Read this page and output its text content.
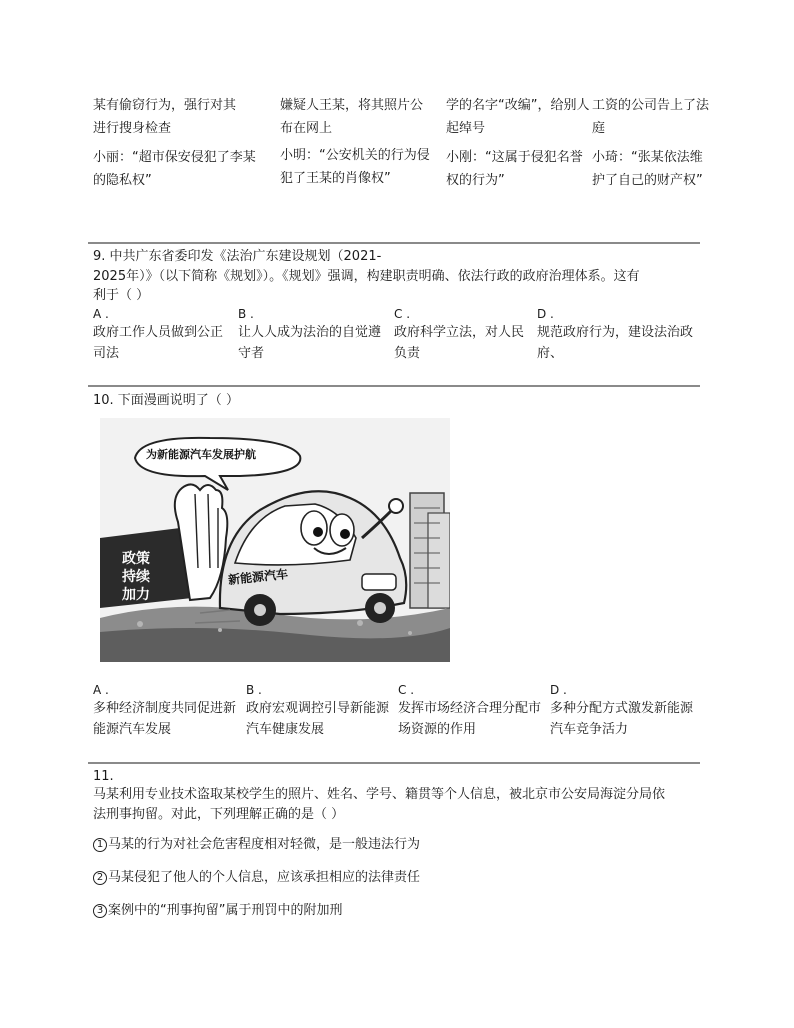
某有偷窃行为，强行对其进行搜身检查
嫌疑人王某，将其照片公布在网上
学的名字“改编”，给别人起绰号
工资的公司告上了法庭
小丽：“超市保安侵犯了李某的隐私权”
小明：“公安机关的行为侵犯了王某的肖像权”
小刚：“这属于侵犯名誉权的行为”
小琦：“张某依法维护了自己的财产权”
9. 中共广东省委印发《法治广东建设规划（2021-
2025年）》（以下简称《规划》）。《规划》强调，构建职责明确、依法行政的政府治理体系。这有
利于（ ）
A .
政府工作人员做到公正司法
B .
让人人成为法治的自觉遵守者
C .
政府科学立法，对人民负责
D .
规范政府行为，建设法治政府、
10. 下面漫画说明了（ ）
为新能源汽车发展护航
政策
持续
加力
新能源汽车
A .
多种经济制度共同促进新能源汽车发展
B .
政府宏观调控引导新能源汽车健康发展
C .
发挥市场经济合理分配市场资源的作用
D .
多种分配方式激发新能源汽车竞争活力
11.
马某利用专业技术盗取某校学生的照片、姓名、学号、籍贯等个人信息，被北京市公安局海淀分局依
法刑事拘留。对此，下列理解正确的是（ ）
1 马某的行为对社会危害程度相对轻微，是一般违法行为
2 马某侵犯了他人的个人信息，应该承担相应的法律责任
3 案例中的“刑事拘留”属于刑罚中的附加刑
